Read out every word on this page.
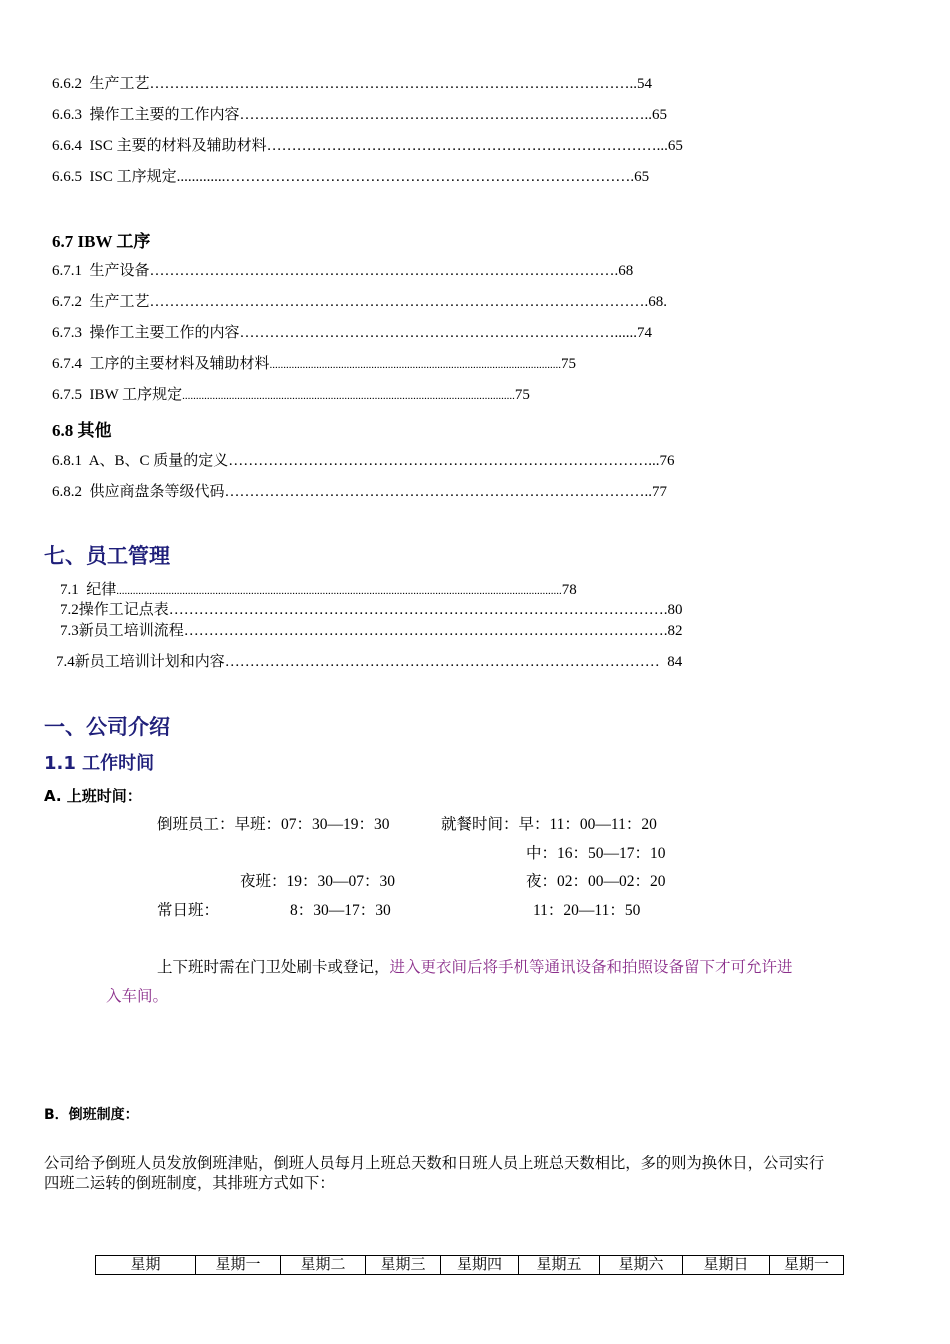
6.6.2 生产工艺……………………………………………………………………………………..54
6.6.3 操作工主要的工作内容………………………………………………………………………..65
6.6.4 ISC 主要的材料及辅助材料……………………………………………………………………...65
6.6.5 ISC 工序规定.............……………………………………………………………………….65
6.7 IBW 工序
6.7.1 生产设备………………………………………………………………………………….68
6.7.2 生产工艺……………………………………………………………………………………….68.
6.7.3 操作工主要工作的内容…………………………………………………………………......74
6.7.4 工序的主要材料及辅助材料..........................................................................................................75
6.7.5 IBW 工序规定.........................................................................................................................75
6.8 其他
6.8.1 A、B、C 质量的定义…………………………………………………………………………...76
6.8.2 供应商盘条等级代码…………………………………………………………………………..77
七、员工管理
7.1 纪律..................................................................................................................................................................78
7.2操作工记点表……………………………………………………………………………………….80
7.3新员工培训流程…………………………………………………………………………………….82
7.4新员工培训计划和内容…………………………………………………………………………… 84
一、公司介绍
1.1 工作时间
A. 上班时间：
倒班员工：早班：07：30—19：30	就餐时间：早：11：00—11：20
中：16：50—17：10
夜班：19：30—07：30	夜：02：00—02：20
常日班：	8：30—17：30	11：20—11：50
上下班时需在门卫处刷卡或登记，进入更衣间后将手机等通讯设备和拍照设备留下才可允许进
入车间。
B．倒班制度：
公司给予倒班人员发放倒班津贴，倒班人员每月上班总天数和日班人员上班总天数相比，多的则为换休日，公司实行
四班二运转的倒班制度，其排班方式如下：
星期	星期一	星期二	星期三	星期四	星期五	星期六	星期日	星期一
